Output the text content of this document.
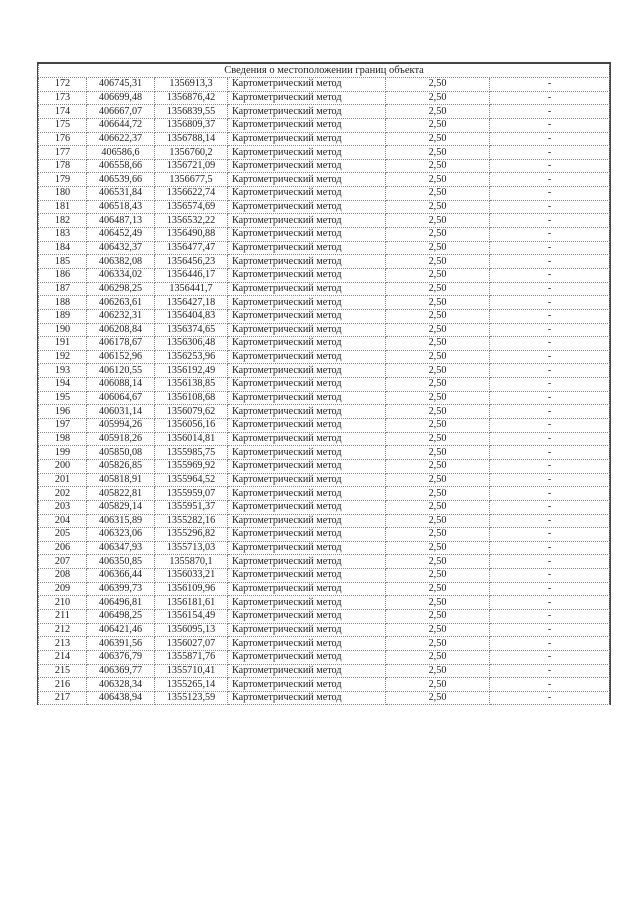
Сведения о местоположении границ объекта					
172	406745,31	1356913,3	Картометрический метод	2,50	-
173	406699,48	1356876,42	Картометрический метод	2,50	-
174	406667,07	1356839,55	Картометрический метод	2,50	-
175	406644,72	1356809,37	Картометрический метод	2,50	-
176	406622,37	1356788,14	Картометрический метод	2,50	-
177	406586,6	1356760,2	Картометрический метод	2,50	-
178	406558,66	1356721,09	Картометрический метод	2,50	-
179	406539,66	1356677,5	Картометрический метод	2,50	-
180	406531,84	1356622,74	Картометрический метод	2,50	-
181	406518,43	1356574,69	Картометрический метод	2,50	-
182	406487,13	1356532,22	Картометрический метод	2,50	-
183	406452,49	1356490,88	Картометрический метод	2,50	-
184	406432,37	1356477,47	Картометрический метод	2,50	-
185	406382,08	1356456,23	Картометрический метод	2,50	-
186	406334,02	1356446,17	Картометрический метод	2,50	-
187	406298,25	1356441,7	Картометрический метод	2,50	-
188	406263,61	1356427,18	Картометрический метод	2,50	-
189	406232,31	1356404,83	Картометрический метод	2,50	-
190	406208,84	1356374,65	Картометрический метод	2,50	-
191	406178,67	1356306,48	Картометрический метод	2,50	-
192	406152,96	1356253,96	Картометрический метод	2,50	-
193	406120,55	1356192,49	Картометрический метод	2,50	-
194	406088,14	1356138,85	Картометрический метод	2,50	-
195	406064,67	1356108,68	Картометрический метод	2,50	-
196	406031,14	1356079,62	Картометрический метод	2,50	-
197	405994,26	1356056,16	Картометрический метод	2,50	-
198	405918,26	1356014,81	Картометрический метод	2,50	-
199	405850,08	1355985,75	Картометрический метод	2,50	-
200	405826,85	1355969,92	Картометрический метод	2,50	-
201	405818,91	1355964,52	Картометрический метод	2,50	-
202	405822,81	1355959,07	Картометрический метод	2,50	-
203	405829,14	1355951,37	Картометрический метод	2,50	-
204	406315,89	1355282,16	Картометрический метод	2,50	-
205	406323,06	1355296,82	Картометрический метод	2,50	-
206	406347,93	1355713,03	Картометрический метод	2,50	-
207	406350,85	1355870,1	Картометрический метод	2,50	-
208	406366,44	1356033,21	Картометрический метод	2,50	-
209	406399,73	1356109,96	Картометрический метод	2,50	-
210	406496,81	1356181,61	Картометрический метод	2,50	-
211	406498,25	1356154,49	Картометрический метод	2,50	-
212	406421,46	1356095,13	Картометрический метод	2,50	-
213	406391,56	1356027,07	Картометрический метод	2,50	-
214	406376,79	1355871,76	Картометрический метод	2,50	-
215	406369,77	1355710,41	Картометрический метод	2,50	-
216	406328,34	1355265,14	Картометрический метод	2,50	-
217	406438,94	1355123,59	Картометрический метод	2,50	-
